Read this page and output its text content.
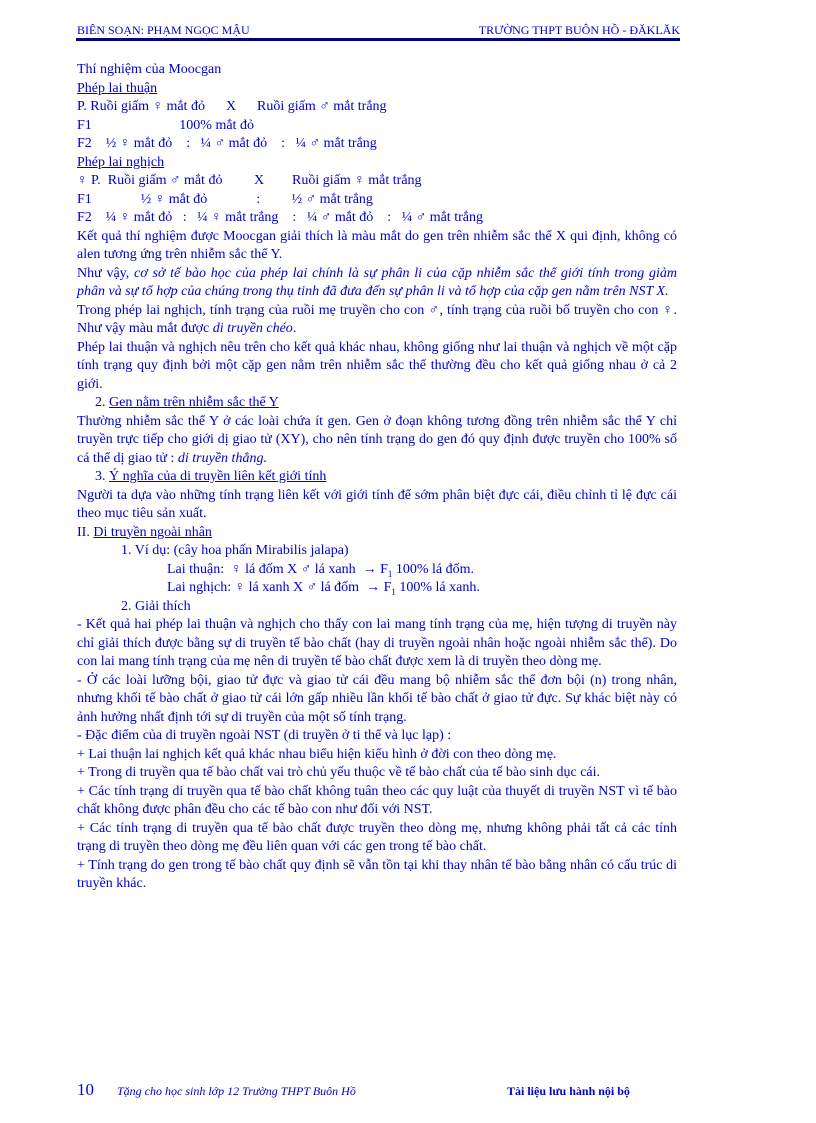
BIÊN SOẠN: PHẠM NGỌC MẬU	TRƯỜNG THPT BUÔN HỒ - ĐĂKLĂK
Thí nghiệm của Moocgan
Phép lai thuận
P. Ruồi giấm ♀ mắt đỏ      X      Ruồi giấm ♂ mắt trắng
F1                         100% mắt đỏ
F2    ½ ♀ mắt đỏ    :   ¼ ♂ mắt đỏ    :   ¼ ♂ mắt trắng
Phép lai nghịch
♀ P.  Ruồi giấm ♂ mắt đỏ         X        Ruồi giấm ♀ mắt trắng
F1              ½ ♀ mắt đỏ              :         ½ ♂ mắt trắng
F2    ¼ ♀ mắt đỏ   :   ¼ ♀ mắt trắng    :   ¼ ♂ mắt đỏ    :   ¼ ♂ mắt trắng
Kết quả thí nghiệm được Moocgan giải thích là màu mắt do gen trên nhiễm sắc thể X qui định, không có alen tương ứng trên nhiễm sắc thể Y.
Như vậy, cơ sở tế bào học của phép lai chính là sự phân li của cặp nhiễm sắc thể giới tính trong giảm phân và sự tổ hợp của chúng trong thụ tinh đã đưa đến sự phân li và tổ hợp của cặp gen nằm trên NST X.
Trong phép lai nghịch, tính trạng của ruồi mẹ truyền cho con ♂, tính trạng của ruồi bố truyền cho con ♀. Như vậy màu mắt được di truyền chéo.
Phép lai thuận và nghịch nêu trên cho kết quả khác nhau, không giống như lai thuận và nghịch về một cặp tính trạng quy định bởi một cặp gen nằm trên nhiễm sắc thể thường đều cho kết quả giống nhau ở cả 2 giới.
2. Gen nằm trên nhiễm sắc thể Y
Thường nhiễm sắc thể Y ở các loài chứa ít gen. Gen ở đoạn không tương đồng trên nhiễm sắc thể Y chỉ truyền trực tiếp cho giới dị giao tử (XY), cho nên tính trạng do gen đó quy định được truyền cho 100% số cá thể dị giao tử : di truyền thẳng.
3. Ý nghĩa của di truyền liên kết giới tính
Người ta dựa vào những tính trạng liên kết với giới tính để sớm phân biệt đực cái, điều chỉnh tỉ lệ đực cái theo mục tiêu sản xuất.
II. Di truyền ngoài nhân
1. Ví dụ: (cây hoa phấn Mirabilis jalapa)
Lai thuận:  ♀ lá đốm X ♂ lá xanh  → $F_1$ 100% lá đốm.
Lai nghịch: ♀ lá xanh X ♂ lá đốm  → $F_1$ 100% lá xanh.
2. Giải thích
- Kết quả hai phép lai thuận và nghịch cho thấy con lai mang tính trạng của mẹ, hiện tượng di truyền này chỉ giải thích được bằng sự di truyền tế bào chất (hay di truyền ngoài nhân hoặc ngoài nhiễm sắc thể). Do con lai mang tính trạng của mẹ nên di truyền tế bào chất được xem là di truyền theo dòng mẹ.
- Ở các loài lưỡng bội, giao tử đực và giao tử cái đều mang bộ nhiễm sắc thể đơn bội (n) trong nhân, nhưng khối tế bào chất ở giao tử cái lớn gấp nhiều lần khối tế bào chất ở giao tử đực. Sự khác biệt này có ảnh hưởng nhất định tới sự di truyền của một số tính trạng.
- Đặc điểm của di truyền ngoài NST (di truyền ở ti thể và lục lạp) :
+ Lai thuận lai nghịch kết quả khác nhau biểu hiện kiểu hình ở đời con theo dòng mẹ.
+ Trong di truyền qua tế bào chất vai trò chủ yếu thuộc về tế bào chất của tế bào sinh dục cái.
+ Các tính trạng di truyền qua tế bào chất không tuân theo các quy luật của thuyết di truyền NST vì tế bào chất không được phân đều cho các tế bào con như đối với NST.
+ Các tính trạng di truyền qua tế bào chất được truyền theo dòng mẹ, nhưng không phải tất cả các tính trạng di truyền theo dòng mẹ đều liên quan với các gen trong tế bào chất.
+ Tính trạng do gen trong tế bào chất quy định sẽ vẫn tồn tại khi thay nhân tế bào bằng nhân có cấu trúc di truyền khác.
10 Tặng cho học sinh lớp 12 Trường THPT Buôn Hồ	Tài liệu lưu hành nội bộ
